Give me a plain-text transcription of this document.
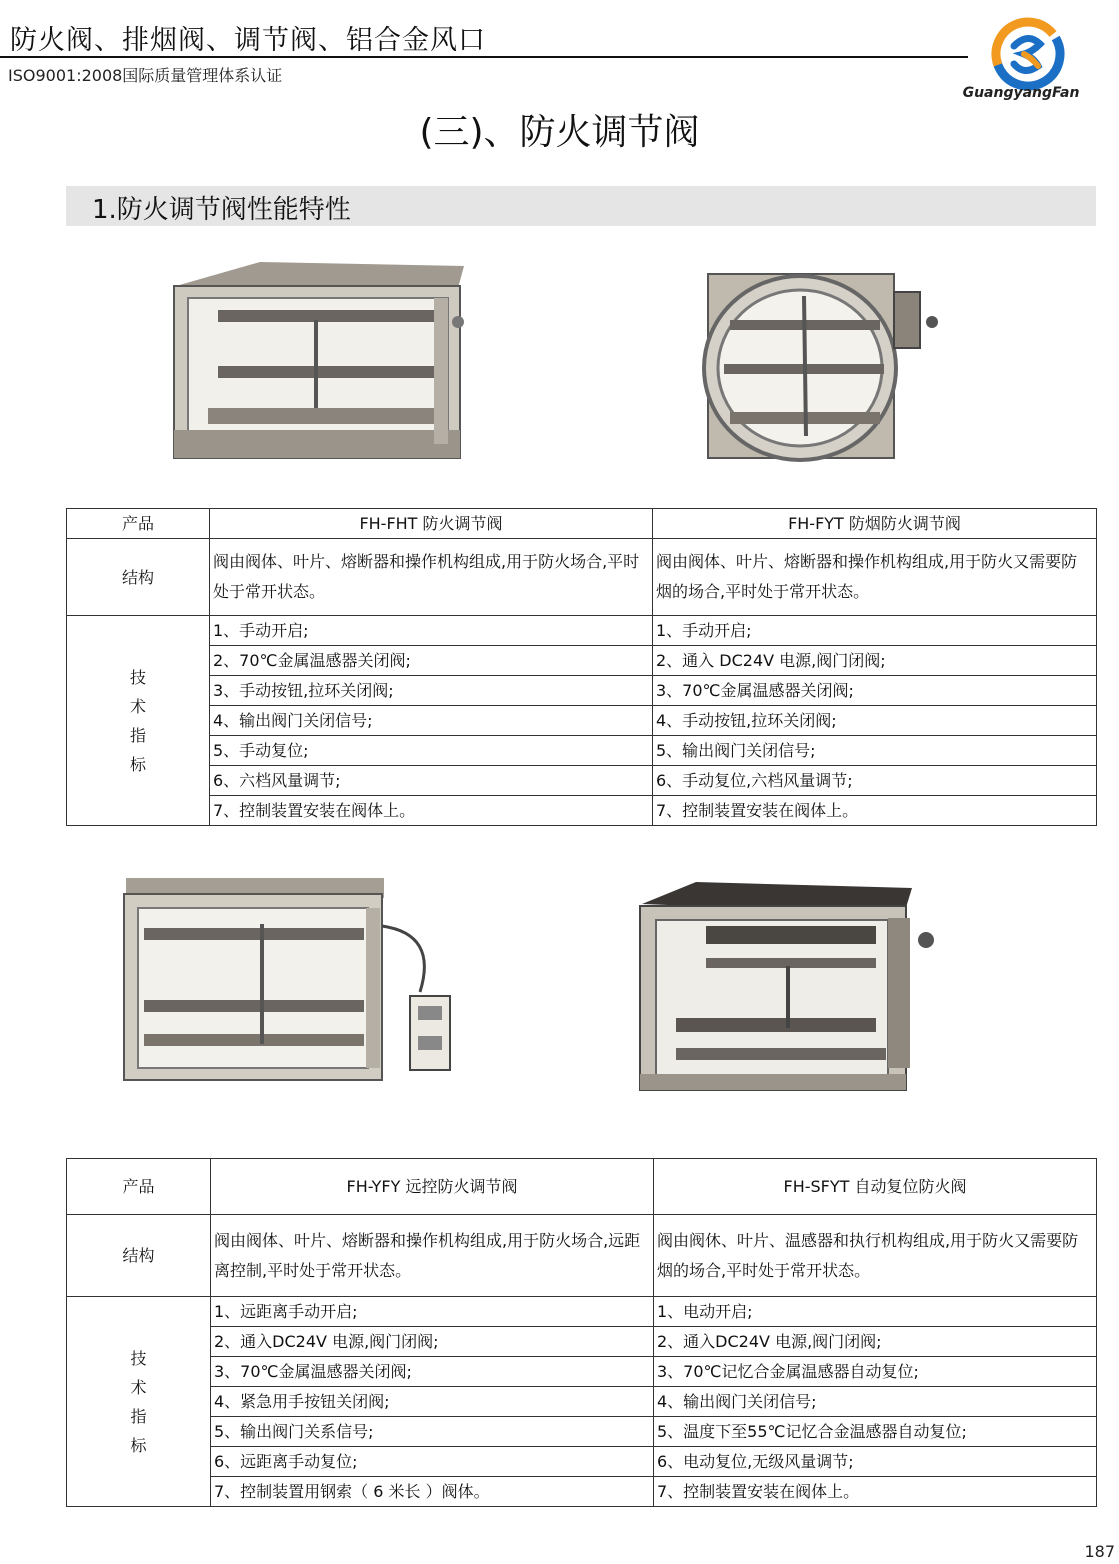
防火阀、排烟阀、调节阀、铝合金风口
ISO9001:2008国际质量管理体系认证
GuangyangFan
(三)、防火调节阀
1.防火调节阀性能特性
产品	FH-FHT 防火调节阀	FH-FYT 防烟防火调节阀
结构	阀由阀体、叶片、熔断器和操作机构组成,用于防火场合,平时处于常开状态。	阀由阀体、叶片、熔断器和操作机构组成,用于防火又需要防烟的场合,平时处于常开状态。

技
术
指
标	1、手动开启;	1、手动开启;
	2、70℃金属温感器关闭阀;	2、通入 DC24V 电源,阀门闭阀;
	3、手动按钮,拉环关闭阀;	3、70℃金属温感器关闭阀;
	4、输出阀门关闭信号;	4、手动按钮,拉环关闭阀;
	5、手动复位;	5、输出阀门关闭信号;
	6、六档风量调节;	6、手动复位,六档风量调节;
	7、控制装置安装在阀体上。	7、控制装置安装在阀体上。
产品	FH-YFY 远控防火调节阀	FH-SFYT 自动复位防火阀
结构	阀由阀体、叶片、熔断器和操作机构组成,用于防火场合,远距离控制,平时处于常开状态。	阀由阀休、叶片、温感器和执行机构组成,用于防火又需要防烟的场合,平时处于常开状态。

技
术
指
标	1、远距离手动开启;	1、电动开启;
	2、通入DC24V 电源,阀门闭阀;	2、通入DC24V 电源,阀门闭阀;
	3、70℃金属温感器关闭阀;	3、70℃记忆合金属温感器自动复位;
	4、紧急用手按钮关闭阀;	4、输出阀门关闭信号;
	5、输出阀门关系信号;	5、温度下至55℃记忆合金温感器自动复位;
	6、远距离手动复位;	6、电动复位,无级风量调节;
	7、控制装置用钢索（ 6 米长 ）阀体。	7、控制装置安装在阀体上。
187
